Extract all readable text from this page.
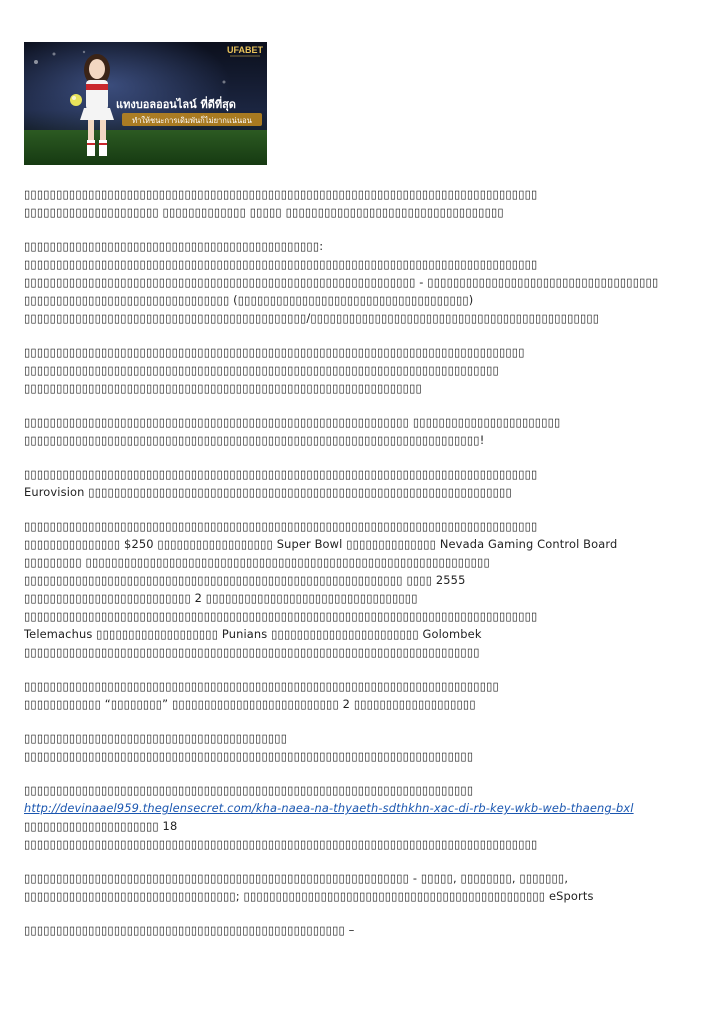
UFABET
แทงบอลออนไลน์ ที่ดีที่สุด
ทำให้ชนะการเดิมพันก็ไม่ยากแน่นอน
▯▯▯▯▯▯▯▯▯▯▯▯▯▯▯▯▯▯▯▯▯▯▯▯▯▯▯▯▯▯▯▯▯▯▯▯▯▯▯▯▯▯▯▯▯▯▯▯▯▯▯▯▯▯▯▯▯▯▯▯▯▯▯▯▯▯▯▯▯▯▯▯▯▯▯▯▯▯▯▯
▯▯▯▯▯▯▯▯▯▯▯▯▯▯▯▯▯▯▯▯▯ ▯▯▯▯▯▯▯▯▯▯▯▯▯ ▯▯▯▯▯ ▯▯▯▯▯▯▯▯▯▯▯▯▯▯▯▯▯▯▯▯▯▯▯▯▯▯▯▯▯▯▯▯▯▯
▯▯▯▯▯▯▯▯▯▯▯▯▯▯▯▯▯▯▯▯▯▯▯▯▯▯▯▯▯▯▯▯▯▯▯▯▯▯▯▯▯▯▯▯▯▯:
▯▯▯▯▯▯▯▯▯▯▯▯▯▯▯▯▯▯▯▯▯▯▯▯▯▯▯▯▯▯▯▯▯▯▯▯▯▯▯▯▯▯▯▯▯▯▯▯▯▯▯▯▯▯▯▯▯▯▯▯▯▯▯▯▯▯▯▯▯▯▯▯▯▯▯▯▯▯▯▯
▯▯▯▯▯▯▯▯▯▯▯▯▯▯▯▯▯▯▯▯▯▯▯▯▯▯▯▯▯▯▯▯▯▯▯▯▯▯▯▯▯▯▯▯▯▯▯▯▯▯▯▯▯▯▯▯▯▯▯▯▯ - ▯▯▯▯▯▯▯▯▯▯▯▯▯▯▯▯▯▯▯▯▯▯▯▯▯▯▯▯▯▯▯▯▯▯▯▯
▯▯▯▯▯▯▯▯▯▯▯▯▯▯▯▯▯▯▯▯▯▯▯▯▯▯▯▯▯▯▯▯ (▯▯▯▯▯▯▯▯▯▯▯▯▯▯▯▯▯▯▯▯▯▯▯▯▯▯▯▯▯▯▯▯▯▯▯▯)
▯▯▯▯▯▯▯▯▯▯▯▯▯▯▯▯▯▯▯▯▯▯▯▯▯▯▯▯▯▯▯▯▯▯▯▯▯▯▯▯▯▯▯▯/▯▯▯▯▯▯▯▯▯▯▯▯▯▯▯▯▯▯▯▯▯▯▯▯▯▯▯▯▯▯▯▯▯▯▯▯▯▯▯▯▯▯▯▯▯
▯▯▯▯▯▯▯▯▯▯▯▯▯▯▯▯▯▯▯▯▯▯▯▯▯▯▯▯▯▯▯▯▯▯▯▯▯▯▯▯▯▯▯▯▯▯▯▯▯▯▯▯▯▯▯▯▯▯▯▯▯▯▯▯▯▯▯▯▯▯▯▯▯▯▯▯▯▯
▯▯▯▯▯▯▯▯▯▯▯▯▯▯▯▯▯▯▯▯▯▯▯▯▯▯▯▯▯▯▯▯▯▯▯▯▯▯▯▯▯▯▯▯▯▯▯▯▯▯▯▯▯▯▯▯▯▯▯▯▯▯▯▯▯▯▯▯▯▯▯▯▯▯
▯▯▯▯▯▯▯▯▯▯▯▯▯▯▯▯▯▯▯▯▯▯▯▯▯▯▯▯▯▯▯▯▯▯▯▯▯▯▯▯▯▯▯▯▯▯▯▯▯▯▯▯▯▯▯▯▯▯▯▯▯▯
▯▯▯▯▯▯▯▯▯▯▯▯▯▯▯▯▯▯▯▯▯▯▯▯▯▯▯▯▯▯▯▯▯▯▯▯▯▯▯▯▯▯▯▯▯▯▯▯▯▯▯▯▯▯▯▯▯▯▯▯ ▯▯▯▯▯▯▯▯▯▯▯▯▯▯▯▯▯▯▯▯▯▯▯
▯▯▯▯▯▯▯▯▯▯▯▯▯▯▯▯▯▯▯▯▯▯▯▯▯▯▯▯▯▯▯▯▯▯▯▯▯▯▯▯▯▯▯▯▯▯▯▯▯▯▯▯▯▯▯▯▯▯▯▯▯▯▯▯▯▯▯▯▯▯▯!
▯▯▯▯▯▯▯▯▯▯▯▯▯▯▯▯▯▯▯▯▯▯▯▯▯▯▯▯▯▯▯▯▯▯▯▯▯▯▯▯▯▯▯▯▯▯▯▯▯▯▯▯▯▯▯▯▯▯▯▯▯▯▯▯▯▯▯▯▯▯▯▯▯▯▯▯▯▯▯▯
Eurovision ▯▯▯▯▯▯▯▯▯▯▯▯▯▯▯▯▯▯▯▯▯▯▯▯▯▯▯▯▯▯▯▯▯▯▯▯▯▯▯▯▯▯▯▯▯▯▯▯▯▯▯▯▯▯▯▯▯▯▯▯▯▯▯▯▯▯
▯▯▯▯▯▯▯▯▯▯▯▯▯▯▯▯▯▯▯▯▯▯▯▯▯▯▯▯▯▯▯▯▯▯▯▯▯▯▯▯▯▯▯▯▯▯▯▯▯▯▯▯▯▯▯▯▯▯▯▯▯▯▯▯▯▯▯▯▯▯▯▯▯▯▯▯▯▯▯▯
▯▯▯▯▯▯▯▯▯▯▯▯▯▯▯ $250 ▯▯▯▯▯▯▯▯▯▯▯▯▯▯▯▯▯▯ Super Bowl ▯▯▯▯▯▯▯▯▯▯▯▯▯▯ Nevada Gaming Control Board
▯▯▯▯▯▯▯▯▯ ▯▯▯▯▯▯▯▯▯▯▯▯▯▯▯▯▯▯▯▯▯▯▯▯▯▯▯▯▯▯▯▯▯▯▯▯▯▯▯▯▯▯▯▯▯▯▯▯▯▯▯▯▯▯▯▯▯▯▯▯▯▯▯
▯▯▯▯▯▯▯▯▯▯▯▯▯▯▯▯▯▯▯▯▯▯▯▯▯▯▯▯▯▯▯▯▯▯▯▯▯▯▯▯▯▯▯▯▯▯▯▯▯▯▯▯▯▯▯▯▯▯▯ ▯▯▯▯ 2555
▯▯▯▯▯▯▯▯▯▯▯▯▯▯▯▯▯▯▯▯▯▯▯▯▯▯ 2 ▯▯▯▯▯▯▯▯▯▯▯▯▯▯▯▯▯▯▯▯▯▯▯▯▯▯▯▯▯▯▯▯▯
▯▯▯▯▯▯▯▯▯▯▯▯▯▯▯▯▯▯▯▯▯▯▯▯▯▯▯▯▯▯▯▯▯▯▯▯▯▯▯▯▯▯▯▯▯▯▯▯▯▯▯▯▯▯▯▯▯▯▯▯▯▯▯▯▯▯▯▯▯▯▯▯▯▯▯▯▯▯▯▯
Telemachus ▯▯▯▯▯▯▯▯▯▯▯▯▯▯▯▯▯▯▯ Punians ▯▯▯▯▯▯▯▯▯▯▯▯▯▯▯▯▯▯▯▯▯▯▯ Golombek
▯▯▯▯▯▯▯▯▯▯▯▯▯▯▯▯▯▯▯▯▯▯▯▯▯▯▯▯▯▯▯▯▯▯▯▯▯▯▯▯▯▯▯▯▯▯▯▯▯▯▯▯▯▯▯▯▯▯▯▯▯▯▯▯▯▯▯▯▯▯▯
▯▯▯▯▯▯▯▯▯▯▯▯▯▯▯▯▯▯▯▯▯▯▯▯▯▯▯▯▯▯▯▯▯▯▯▯▯▯▯▯▯▯▯▯▯▯▯▯▯▯▯▯▯▯▯▯▯▯▯▯▯▯▯▯▯▯▯▯▯▯▯▯▯▯
▯▯▯▯▯▯▯▯▯▯▯▯ “▯▯▯▯▯▯▯▯” ▯▯▯▯▯▯▯▯▯▯▯▯▯▯▯▯▯▯▯▯▯▯▯▯▯▯ 2 ▯▯▯▯▯▯▯▯▯▯▯▯▯▯▯▯▯▯▯
▯▯▯▯▯▯▯▯▯▯▯▯▯▯▯▯▯▯▯▯▯▯▯▯▯▯▯▯▯▯▯▯▯▯▯▯▯▯▯▯▯
▯▯▯▯▯▯▯▯▯▯▯▯▯▯▯▯▯▯▯▯▯▯▯▯▯▯▯▯▯▯▯▯▯▯▯▯▯▯▯▯▯▯▯▯▯▯▯▯▯▯▯▯▯▯▯▯▯▯▯▯▯▯▯▯▯▯▯▯▯▯
▯▯▯▯▯▯▯▯▯▯▯▯▯▯▯▯▯▯▯▯▯▯▯▯▯▯▯▯▯▯▯▯▯▯▯▯▯▯▯▯▯▯▯▯▯▯▯▯▯▯▯▯▯▯▯▯▯▯▯▯▯▯▯▯▯▯▯▯▯▯
http://devinaael959.theglensecret.com/kha-naea-na-thyaeth-sdthkhn-xac-di-rb-key-wkb-web-thaeng-bxl
▯▯▯▯▯▯▯▯▯▯▯▯▯▯▯▯▯▯▯▯▯ 18
▯▯▯▯▯▯▯▯▯▯▯▯▯▯▯▯▯▯▯▯▯▯▯▯▯▯▯▯▯▯▯▯▯▯▯▯▯▯▯▯▯▯▯▯▯▯▯▯▯▯▯▯▯▯▯▯▯▯▯▯▯▯▯▯▯▯▯▯▯▯▯▯▯▯▯▯▯▯▯▯
▯▯▯▯▯▯▯▯▯▯▯▯▯▯▯▯▯▯▯▯▯▯▯▯▯▯▯▯▯▯▯▯▯▯▯▯▯▯▯▯▯▯▯▯▯▯▯▯▯▯▯▯▯▯▯▯▯▯▯▯ - ▯▯▯▯▯, ▯▯▯▯▯▯▯▯, ▯▯▯▯▯▯▯,
▯▯▯▯▯▯▯▯▯▯▯▯▯▯▯▯▯▯▯▯▯▯▯▯▯▯▯▯▯▯▯▯▯; ▯▯▯▯▯▯▯▯▯▯▯▯▯▯▯▯▯▯▯▯▯▯▯▯▯▯▯▯▯▯▯▯▯▯▯▯▯▯▯▯▯▯▯▯▯▯▯ eSports
▯▯▯▯▯▯▯▯▯▯▯▯▯▯▯▯▯▯▯▯▯▯▯▯▯▯▯▯▯▯▯▯▯▯▯▯▯▯▯▯▯▯▯▯▯▯▯▯▯▯ –
